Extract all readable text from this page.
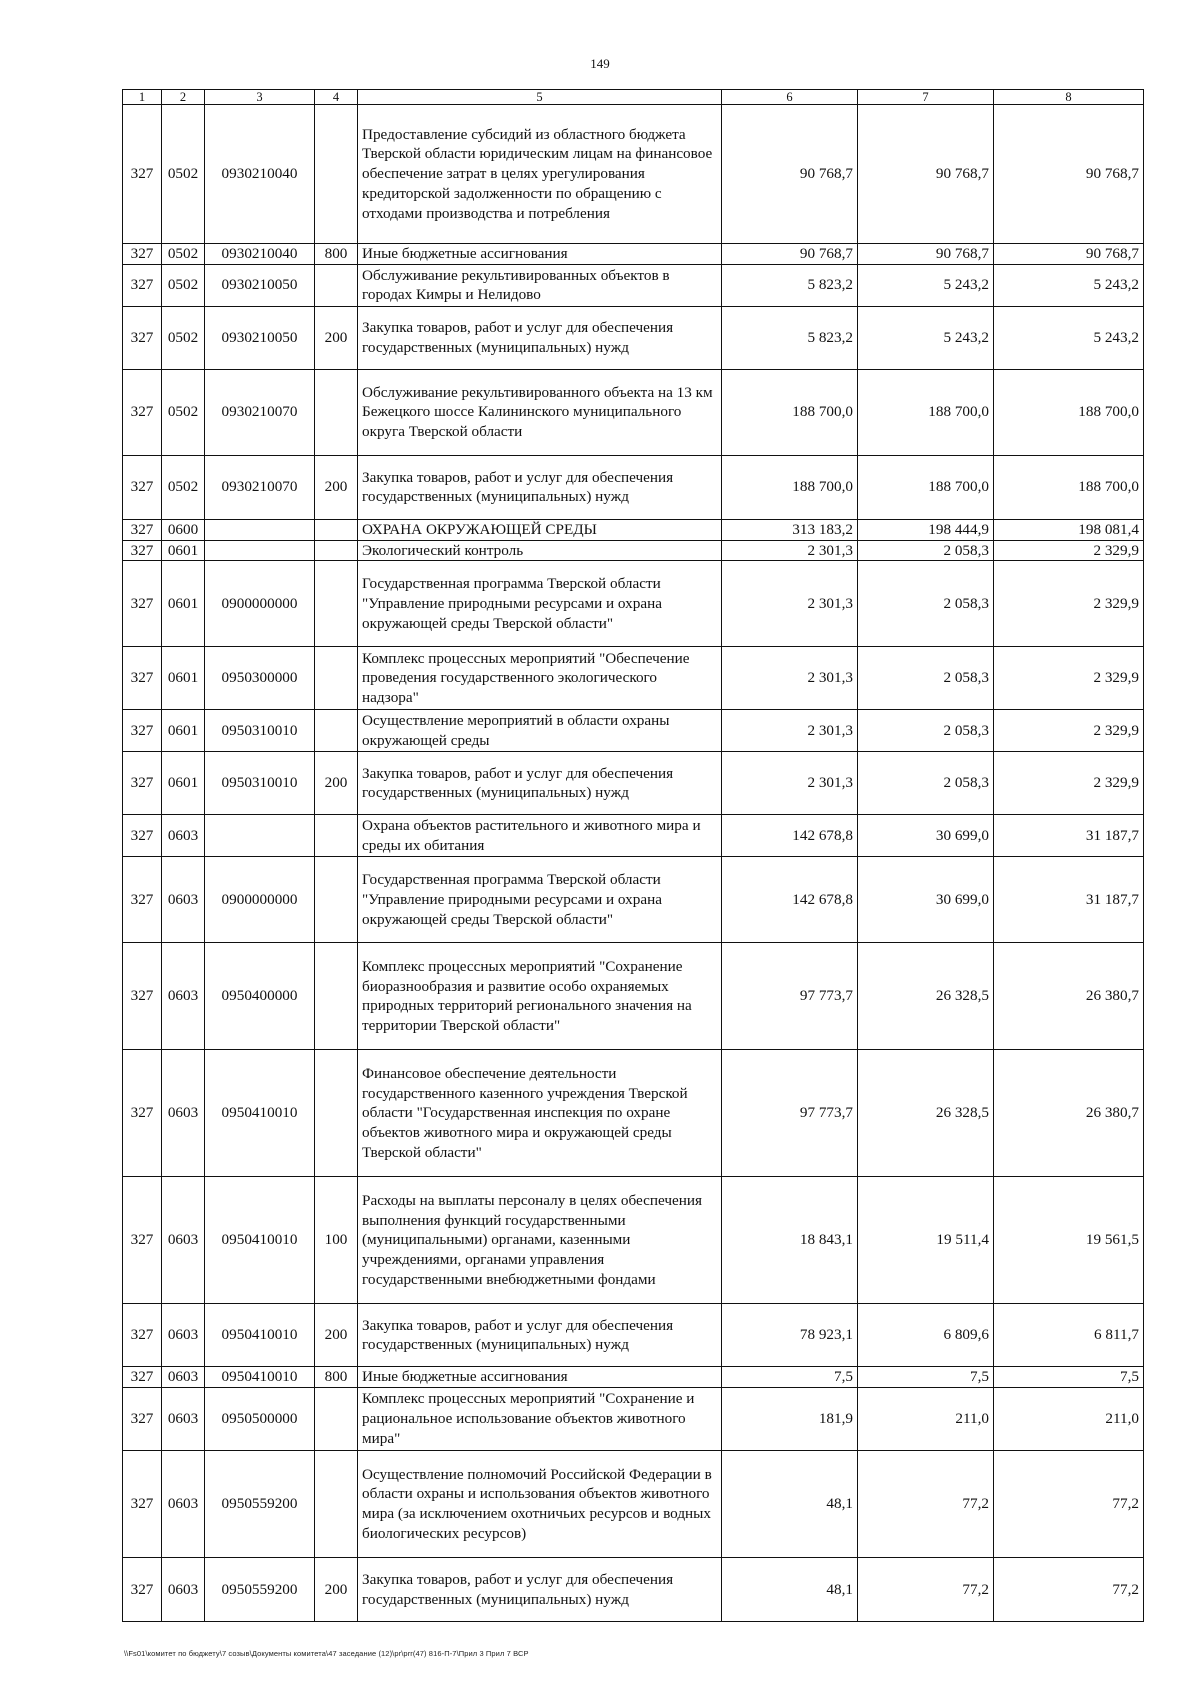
149
1	2	3	4	5	6	7	8
327	0502	0930210040		Предоставление субсидий из областного бюджета Тверской области юридическим лицам на финансовое обеспечение затрат в целях урегулирования кредиторской задолженности по обращению с отходами производства и потребления	90 768,7	90 768,7	90 768,7
327	0502	0930210040	800	Иные бюджетные ассигнования	90 768,7	90 768,7	90 768,7
327	0502	0930210050		Обслуживание рекультивированных объектов в городах Кимры и Нелидово	5 823,2	5 243,2	5 243,2
327	0502	0930210050	200	Закупка товаров, работ и услуг для обеспечения государственных (муниципальных) нужд	5 823,2	5 243,2	5 243,2
327	0502	0930210070		Обслуживание рекультивированного объекта на 13 км Бежецкого шоссе Калининского муниципального округа Тверской области	188 700,0	188 700,0	188 700,0
327	0502	0930210070	200	Закупка товаров, работ и услуг для обеспечения государственных (муниципальных) нужд	188 700,0	188 700,0	188 700,0
327	0600			ОХРАНА ОКРУЖАЮЩЕЙ СРЕДЫ	313 183,2	198 444,9	198 081,4
327	0601			Экологический контроль	2 301,3	2 058,3	2 329,9
327	0601	0900000000		Государственная программа Тверской области "Управление природными ресурсами и охрана окружающей среды Тверской области"	2 301,3	2 058,3	2 329,9
327	0601	0950300000		Комплекс процессных мероприятий "Обеспечение проведения государственного экологического надзора"	2 301,3	2 058,3	2 329,9
327	0601	0950310010		Осуществление мероприятий в области охраны окружающей среды	2 301,3	2 058,3	2 329,9
327	0601	0950310010	200	Закупка товаров, работ и услуг для обеспечения государственных (муниципальных) нужд	2 301,3	2 058,3	2 329,9
327	0603			Охрана объектов растительного и животного мира и среды их обитания	142 678,8	30 699,0	31 187,7
327	0603	0900000000		Государственная программа Тверской области "Управление природными ресурсами и охрана окружающей среды Тверской области"	142 678,8	30 699,0	31 187,7
327	0603	0950400000		Комплекс процессных мероприятий "Сохранение биоразнообразия и развитие особо охраняемых природных территорий регионального значения на территории Тверской области"	97 773,7	26 328,5	26 380,7
327	0603	0950410010		Финансовое обеспечение деятельности государственного казенного учреждения Тверской области "Государственная инспекция по охране объектов животного мира и окружающей среды Тверской области"	97 773,7	26 328,5	26 380,7
327	0603	0950410010	100	Расходы на выплаты персоналу в целях обеспечения выполнения функций государственными (муниципальными) органами, казенными учреждениями, органами управления государственными внебюджетными фондами	18 843,1	19 511,4	19 561,5
327	0603	0950410010	200	Закупка товаров, работ и услуг для обеспечения государственных (муниципальных) нужд	78 923,1	6 809,6	6 811,7
327	0603	0950410010	800	Иные бюджетные ассигнования	7,5	7,5	7,5
327	0603	0950500000		Комплекс процессных мероприятий "Сохранение и рациональное использование объектов животного мира"	181,9	211,0	211,0
327	0603	0950559200		Осуществление полномочий Российской Федерации в области охраны и использования объектов животного мира (за исключением охотничьих ресурсов и водных биологических ресурсов)	48,1	77,2	77,2
327	0603	0950559200	200	Закупка товаров, работ и услуг для обеспечения государственных (муниципальных) нужд	48,1	77,2	77,2
\\Fs01\комитет по бюджету\7 созыв\Документы комитета\47 заседание (12)\pr\prr(47) 816-П-7\Прил 3 Прил 7 ВСР
